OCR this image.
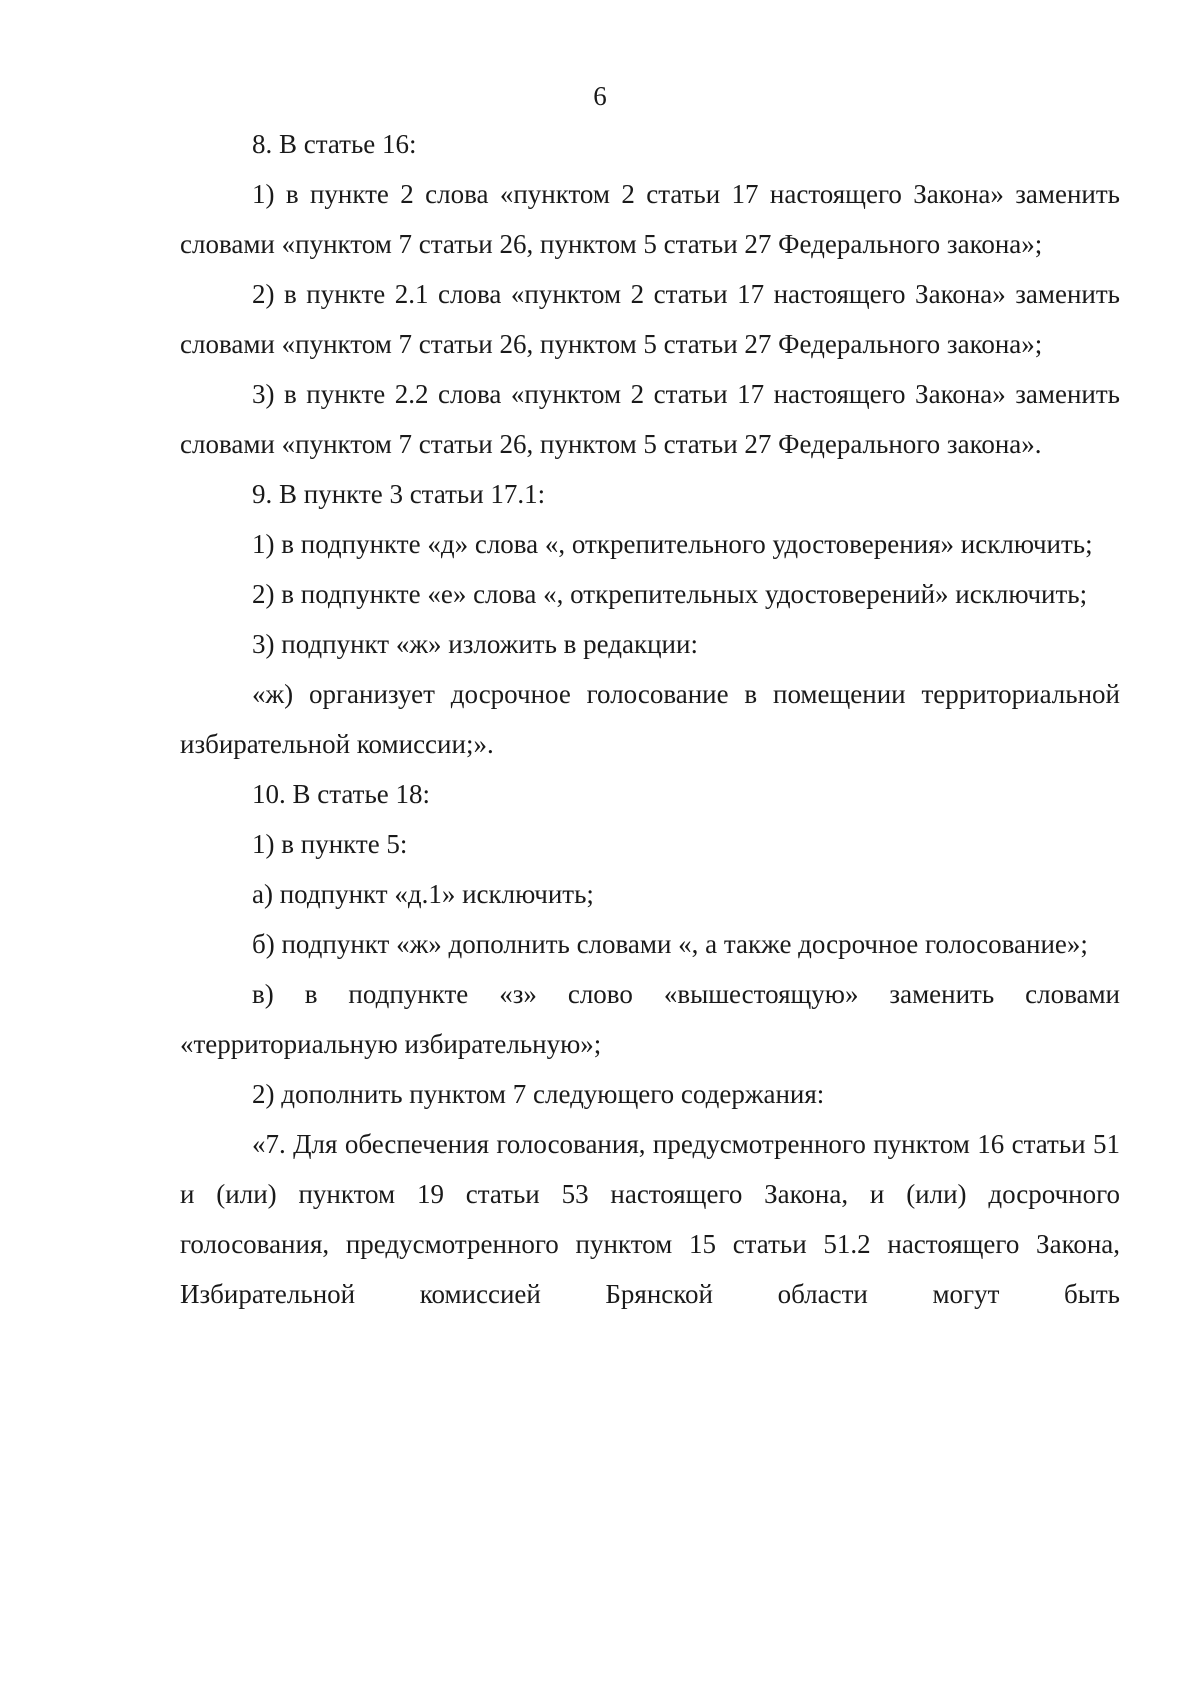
6

8. В статье 16:

1) в пункте 2 слова «пунктом 2 статьи 17 настоящего Закона» заменить словами «пунктом 7 статьи 26, пунктом 5 статьи 27 Федерального закона»;

2) в пункте 2.1 слова «пунктом 2 статьи 17 настоящего Закона» заменить словами «пунктом 7 статьи 26, пунктом 5 статьи 27 Федерального закона»;

3) в пункте 2.2 слова «пунктом 2 статьи 17 настоящего Закона» заменить словами «пунктом 7 статьи 26, пунктом 5 статьи 27 Федерального закона».

9. В пункте 3 статьи 17.1:

1) в подпункте «д» слова «, открепительного удостоверения» исключить;

2) в подпункте «е» слова «, открепительных удостоверений» исключить;

3) подпункт «ж» изложить в редакции:

«ж) организует досрочное голосование в помещении территориальной избирательной комиссии;».

10. В статье 18:

1) в пункте 5:

а) подпункт «д.1» исключить;

б) подпункт «ж» дополнить словами «, а также досрочное голосование»;

в) в подпункте «з» слово «вышестоящую» заменить словами «территориальную избирательную»;

2) дополнить пунктом 7 следующего содержания:

«7. Для обеспечения голосования, предусмотренного пунктом 16 статьи 51 и (или) пунктом 19 статьи 53 настоящего Закона, и (или) досрочного голосования, предусмотренного пунктом 15 статьи 51.2 настоящего Закона, Избирательной комиссией Брянской области могут быть
